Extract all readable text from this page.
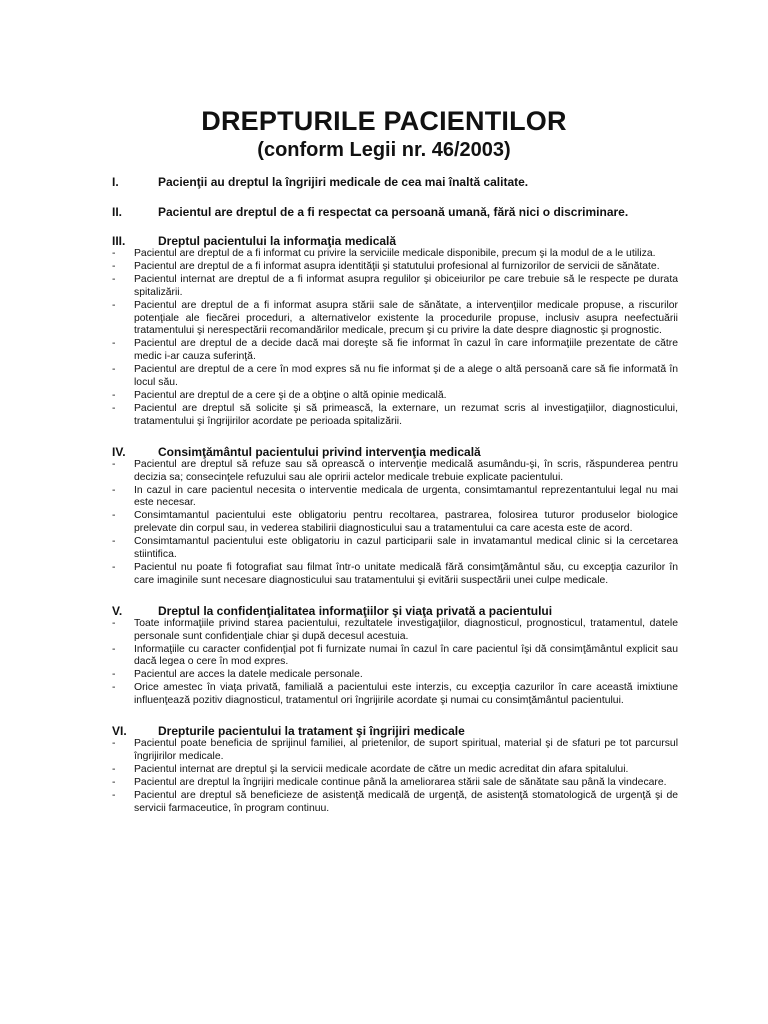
DREPTURILE PACIENTILOR
(conform Legii nr. 46/2003)
I.	Pacienţii au dreptul la îngrijiri medicale de cea mai înaltă calitate.
II.	Pacientul are dreptul de a fi respectat ca persoană umană, fără nici o discriminare.
III.	Dreptul pacientului la informaţia medicală
- Pacientul are dreptul de a fi informat cu privire la serviciile medicale disponibile, precum şi la modul de a le utiliza.
- Pacientul are dreptul de a fi informat asupra identităţii şi statutului profesional al furnizorilor de servicii de sănătate.
- Pacientul internat are dreptul de a fi informat asupra regulilor şi obiceiurilor pe care trebuie să le respecte pe durata spitalizării.
- Pacientul are dreptul de a fi informat asupra stării sale de sănătate, a intervenţiilor medicale propuse, a riscurilor potenţiale ale fiecărei proceduri, a alternativelor existente la procedurile propuse, inclusiv asupra neefectuării tratamentului şi nerespectării recomandărilor medicale, precum şi cu privire la date despre diagnostic şi prognostic.
- Pacientul are dreptul de a decide dacă mai doreşte să fie informat în cazul în care informaţiile prezentate de către medic i-ar cauza suferinţă.
- Pacientul are dreptul de a cere în mod expres să nu fie informat şi de a alege o altă persoană care să fie informată în locul său.
- Pacientul are dreptul de a cere şi de a obţine o altă opinie medicală.
- Pacientul are dreptul să solicite şi să primească, la externare, un rezumat scris al investigaţiilor, diagnosticului, tratamentului şi îngrijirilor acordate pe perioada spitalizării.
IV.	Consimţământul pacientului privind intervenţia medicală
- Pacientul are dreptul să refuze sau să oprească o intervenţie medicală asumându-şi, în scris, răspunderea pentru decizia sa; consecinţele refuzului sau ale opririi actelor medicale trebuie explicate pacientului.
- In cazul in care pacientul necesita o interventie medicala de urgenta, consimtamantul reprezentantului legal nu mai este necesar.
- Consimtamantul pacientului este obligatoriu pentru recoltarea, pastrarea, folosirea tuturor produselor biologice prelevate din corpul sau, in vederea stabilirii diagnosticului sau a tratamentului ca care acesta este de acord.
- Consimtamantul pacientului este obligatoriu in cazul participarii sale in invatamantul medical clinic si la cercetarea stiintifica.
- Pacientul nu poate fi fotografiat sau filmat într-o unitate medicală fără consimţământul său, cu excepţia cazurilor în care imaginile sunt necesare diagnosticului sau tratamentului şi evitării suspectării unei culpe medicale.
V.	Dreptul la confidenţialitatea informaţiilor şi viaţa privată a pacientului
- Toate informaţiile privind starea pacientului, rezultatele investigaţiilor, diagnosticul, prognosticul, tratamentul, datele personale sunt confidenţiale chiar şi după decesul acestuia.
- Informaţiile cu caracter confidenţial pot fi furnizate numai în cazul în care pacientul îşi dă consimţământul explicit sau dacă legea o cere în mod expres.
- Pacientul are acces la datele medicale personale.
- Orice amestec în viaţa privată, familială a pacientului este interzis, cu excepţia cazurilor în care această imixtiune influenţează pozitiv diagnosticul, tratamentul ori îngrijirile acordate şi numai cu consimţământul pacientului.
VI.	Drepturile pacientului la tratament şi îngrijiri medicale
- Pacientul poate beneficia de sprijinul familiei, al prietenilor, de suport spiritual, material şi de sfaturi pe tot parcursul îngrijirilor medicale.
- Pacientul internat are dreptul şi la servicii medicale acordate de către un medic acreditat din afara spitalului.
- Pacientul are dreptul la îngrijiri medicale continue până la ameliorarea stării sale de sănătate sau până la vindecare.
- Pacientul are dreptul să beneficieze de asistenţă medicală de urgenţă, de asistenţă stomatologică de urgenţă şi de servicii farmaceutice, în program continuu.
